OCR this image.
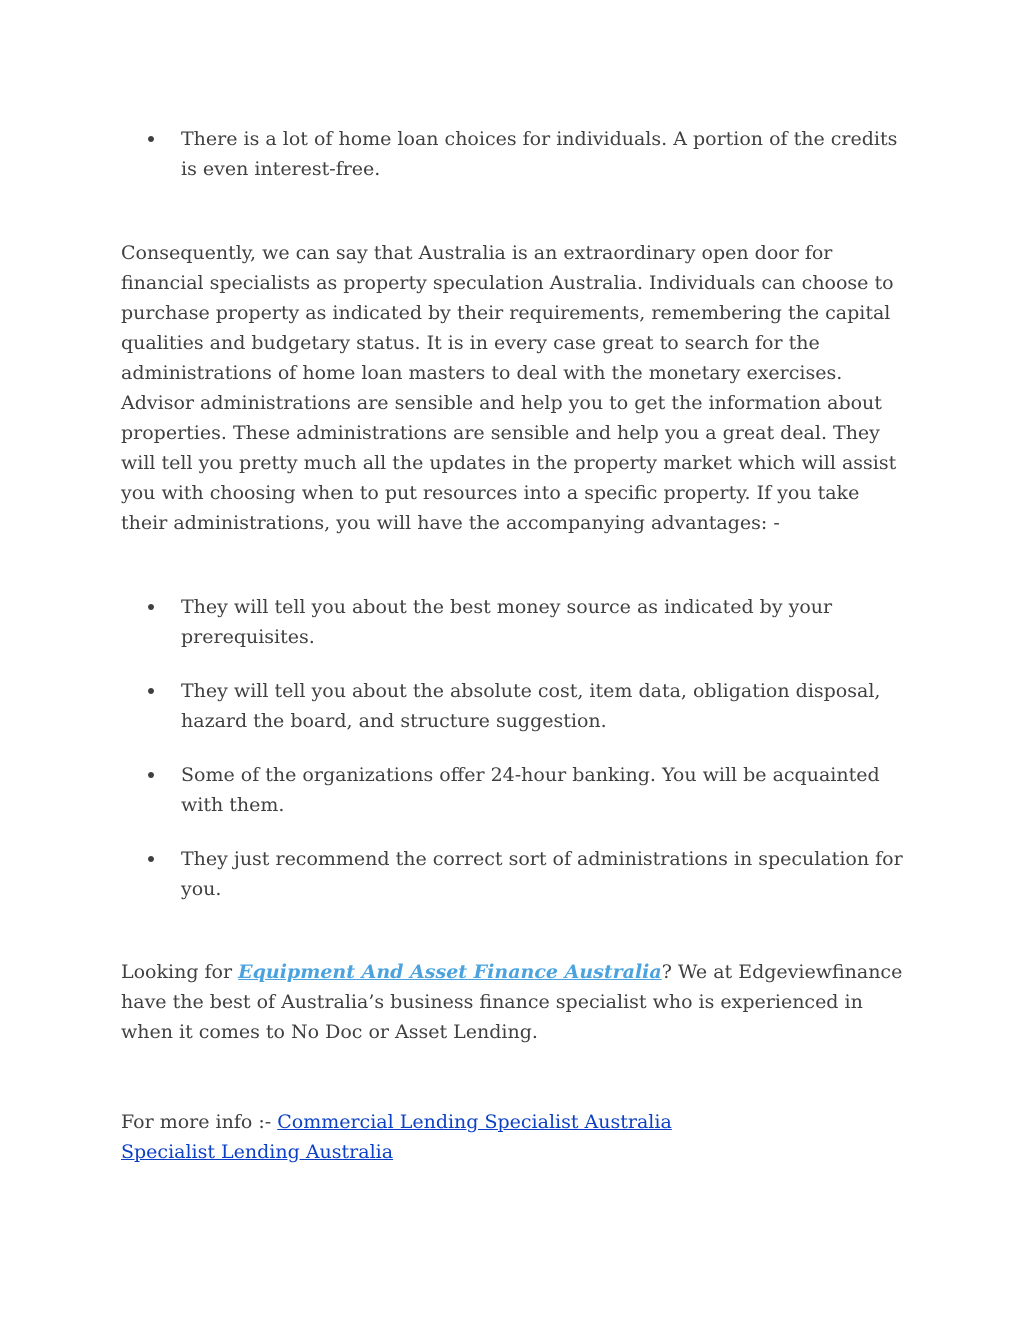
There is a lot of home loan choices for individuals. A portion of the credits is even interest-free.

Consequently, we can say that Australia is an extraordinary open door for financial specialists as property speculation Australia. Individuals can choose to purchase property as indicated by their requirements, remembering the capital qualities and budgetary status. It is in every case great to search for the administrations of home loan masters to deal with the monetary exercises. Advisor administrations are sensible and help you to get the information about properties. These administrations are sensible and help you a great deal. They will tell you pretty much all the updates in the property market which will assist you with choosing when to put resources into a specific property. If you take their administrations, you will have the accompanying advantages: -

They will tell you about the best money source as indicated by your prerequisites.
They will tell you about the absolute cost, item data, obligation disposal, hazard the board, and structure suggestion.
Some of the organizations offer 24-hour banking. You will be acquainted with them.
They just recommend the correct sort of administrations in speculation for you.

Looking for Equipment And Asset Finance Australia? We at Edgeviewfinance have the best of Australia’s business finance specialist who is experienced in when it comes to No Doc or Asset Lending.

For more info :- Commercial Lending Specialist Australia
Specialist Lending Australia
